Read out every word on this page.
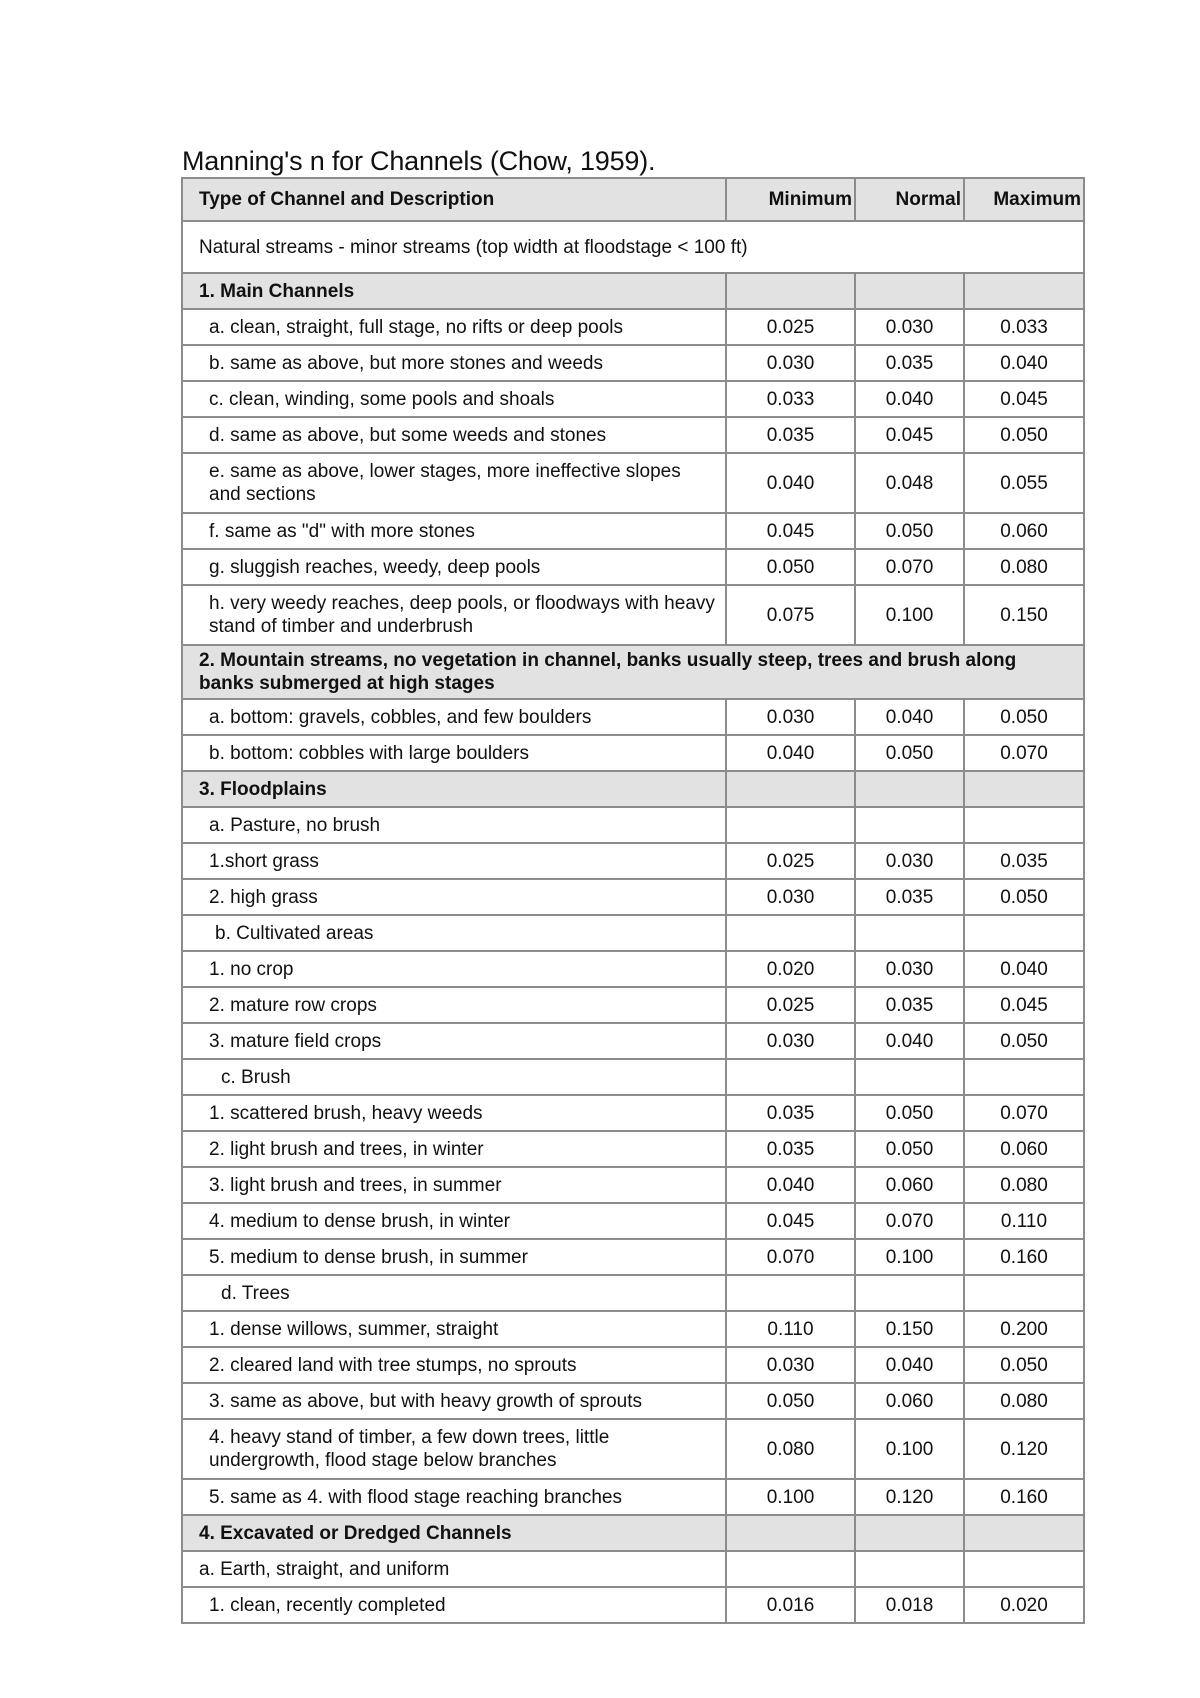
Manning's n for Channels (Chow, 1959).
Type of Channel and Description	Minimum	Normal	Maximum
Natural streams - minor streams (top width at floodstage < 100 ft)			
1. Main Channels			
a. clean, straight, full stage, no rifts or deep pools	0.025	0.030	0.033
b. same as above, but more stones and weeds	0.030	0.035	0.040
c. clean, winding, some pools and shoals	0.033	0.040	0.045
d. same as above, but some weeds and stones	0.035	0.045	0.050
e. same as above, lower stages, more ineffective slopes and sections	0.040	0.048	0.055
f. same as "d" with more stones	0.045	0.050	0.060
g. sluggish reaches, weedy, deep pools	0.050	0.070	0.080
h. very weedy reaches, deep pools, or floodways with heavy stand of timber and underbrush	0.075	0.100	0.150
2. Mountain streams, no vegetation in channel, banks usually steep, trees and brush along banks submerged at high stages			
a. bottom: gravels, cobbles, and few boulders	0.030	0.040	0.050
b. bottom: cobbles with large boulders	0.040	0.050	0.070
3. Floodplains			
a. Pasture, no brush			
1.short grass	0.025	0.030	0.035
2. high grass	0.030	0.035	0.050
b. Cultivated areas			
1. no crop	0.020	0.030	0.040
2. mature row crops	0.025	0.035	0.045
3. mature field crops	0.030	0.040	0.050
c. Brush			
1. scattered brush, heavy weeds	0.035	0.050	0.070
2. light brush and trees, in winter	0.035	0.050	0.060
3. light brush and trees, in summer	0.040	0.060	0.080
4. medium to dense brush, in winter	0.045	0.070	0.110
5. medium to dense brush, in summer	0.070	0.100	0.160
d. Trees			
1. dense willows, summer, straight	0.110	0.150	0.200
2. cleared land with tree stumps, no sprouts	0.030	0.040	0.050
3. same as above, but with heavy growth of sprouts	0.050	0.060	0.080
4. heavy stand of timber, a few down trees, little undergrowth, flood stage below branches	0.080	0.100	0.120
5. same as 4. with flood stage reaching branches	0.100	0.120	0.160
4. Excavated or Dredged Channels			
a. Earth, straight, and uniform			
1. clean, recently completed	0.016	0.018	0.020
